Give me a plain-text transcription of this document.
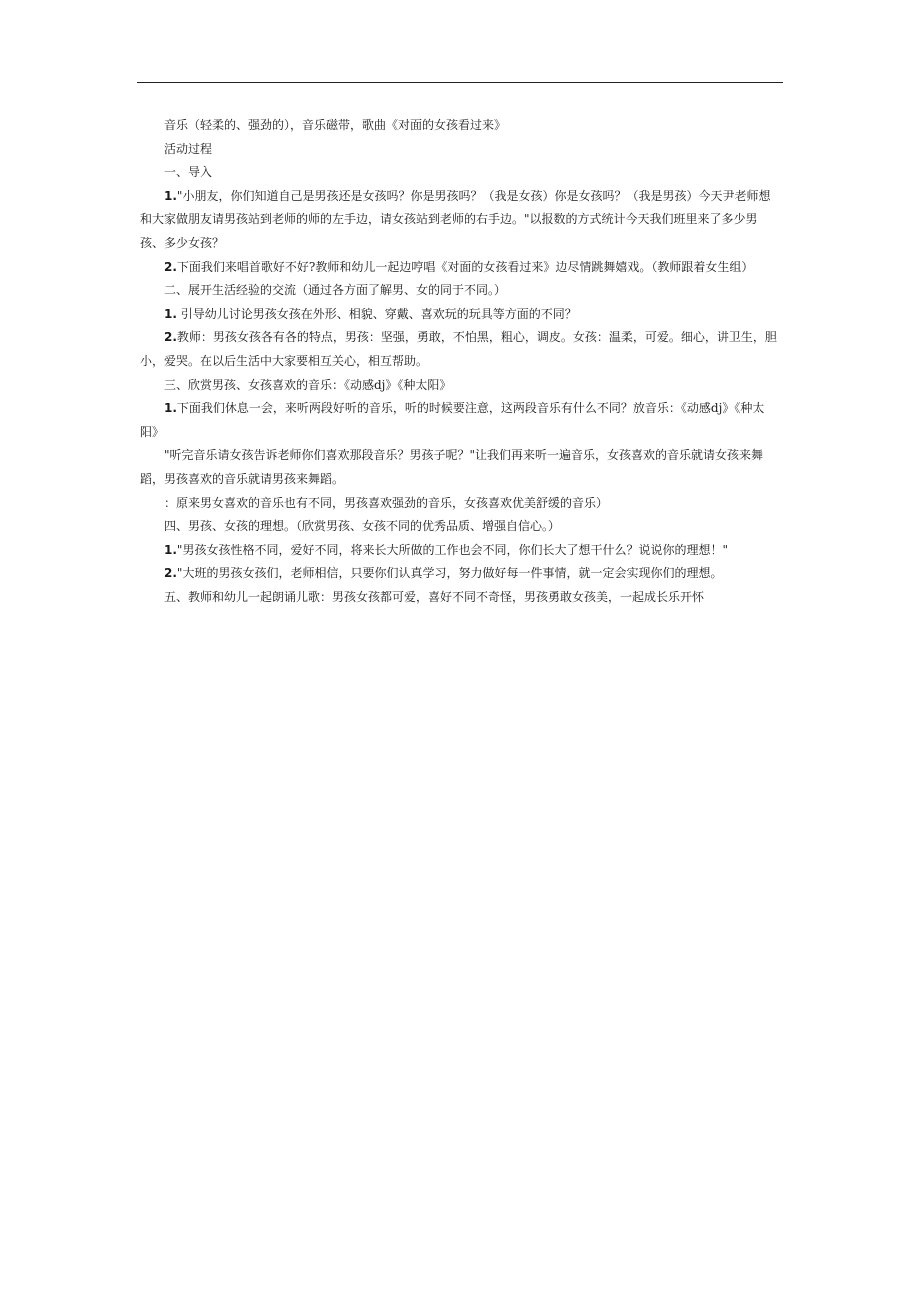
音乐（轻柔的、强劲的），音乐磁带，歌曲《对面的女孩看过来》

活动过程

一、导入

1."小朋友，你们知道自己是男孩还是女孩吗？你是男孩吗？（我是女孩）你是女孩吗？（我是男孩）今天尹老师想和大家做朋友请男孩站到老师的师的左手边，请女孩站到老师的右手边。"以报数的方式统计今天我们班里来了多少男孩、多少女孩？

2.下面我们来唱首歌好不好?教师和幼儿一起边哼唱《对面的女孩看过来》边尽情跳舞嬉戏。（教师跟着女生组）

二、展开生活经验的交流（通过各方面了解男、女的同于不同。）

1. 引导幼儿讨论男孩女孩在外形、相貌、穿戴、喜欢玩的玩具等方面的不同？

2.教师：男孩女孩各有各的特点，男孩：坚强，勇敢，不怕黑，粗心，调皮。女孩：温柔，可爱。细心，讲卫生，胆小，爱哭。在以后生活中大家要相互关心，相互帮助。

三、欣赏男孩、女孩喜欢的音乐：《动感dj》《种太阳》

1.下面我们休息一会，来听两段好听的音乐，听的时候要注意，这两段音乐有什么不同？放音乐：《动感dj》《种太阳》

"听完音乐请女孩告诉老师你们喜欢那段音乐？男孩子呢？"让我们再来听一遍音乐，女孩喜欢的音乐就请女孩来舞蹈，男孩喜欢的音乐就请男孩来舞蹈。

：原来男女喜欢的音乐也有不同，男孩喜欢强劲的音乐，女孩喜欢优美舒缓的音乐）

四、男孩、女孩的理想。（欣赏男孩、女孩不同的优秀品质、增强自信心。）

1."男孩女孩性格不同，爱好不同，将来长大所做的工作也会不同，你们长大了想干什么？说说你的理想！"

2."大班的男孩女孩们，老师相信，只要你们认真学习，努力做好每一件事情，就一定会实现你们的理想。

五、教师和幼儿一起朗诵儿歌：男孩女孩都可爱，喜好不同不奇怪，男孩勇敢女孩美，一起成长乐开怀
